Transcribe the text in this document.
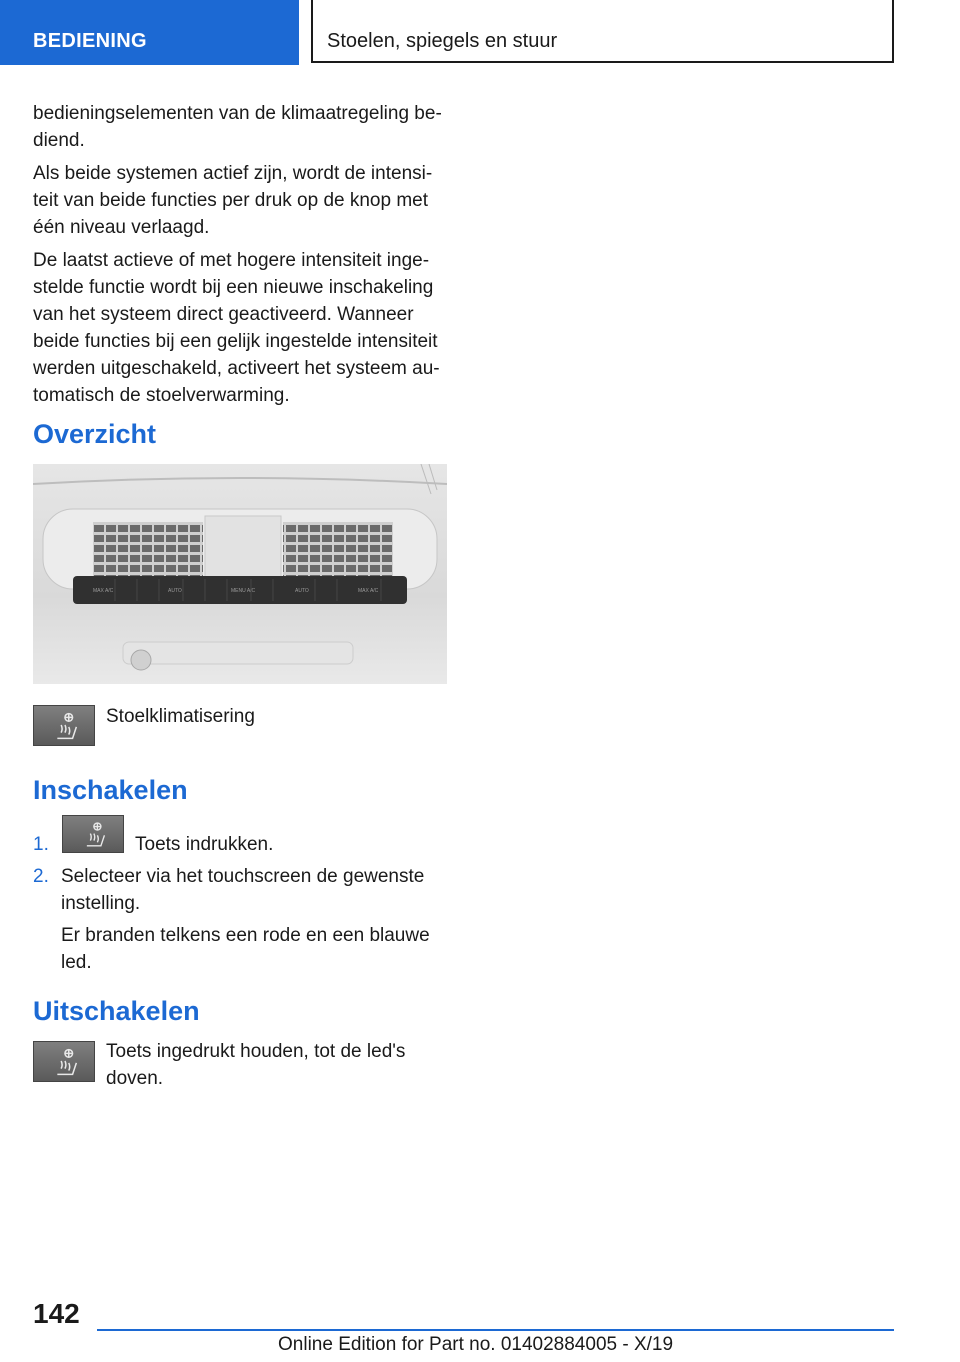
BEDIENING	Stoelen, spiegels en stuur

bedieningselementen van de klimaatregeling be-
diend.

Als beide systemen actief zijn, wordt de intensi-
teit van beide functies per druk op de knop met
één niveau verlaagd.

De laatst actieve of met hogere intensiteit inge-
stelde functie wordt bij een nieuwe inschakeling
van het systeem direct geactiveerd. Wanneer
beide functies bij een gelijk ingestelde intensiteit
werden uitgeschakeld, activeert het systeem au-
tomatisch de stoelverwarming.

Overzicht
MAX A/C	AUTO	MENU A/C	AUTO	MAX A/C
Stoelklimatisering
Inschakelen
1.	Toets indrukken.
2. Selecteer via het touchscreen de gewenste
instelling.
Er branden telkens een rode en een blauwe
led.
Uitschakelen
Toets ingedrukt houden, tot de led's
doven.
142
Online Edition for Part no. 01402884005 - X/19
